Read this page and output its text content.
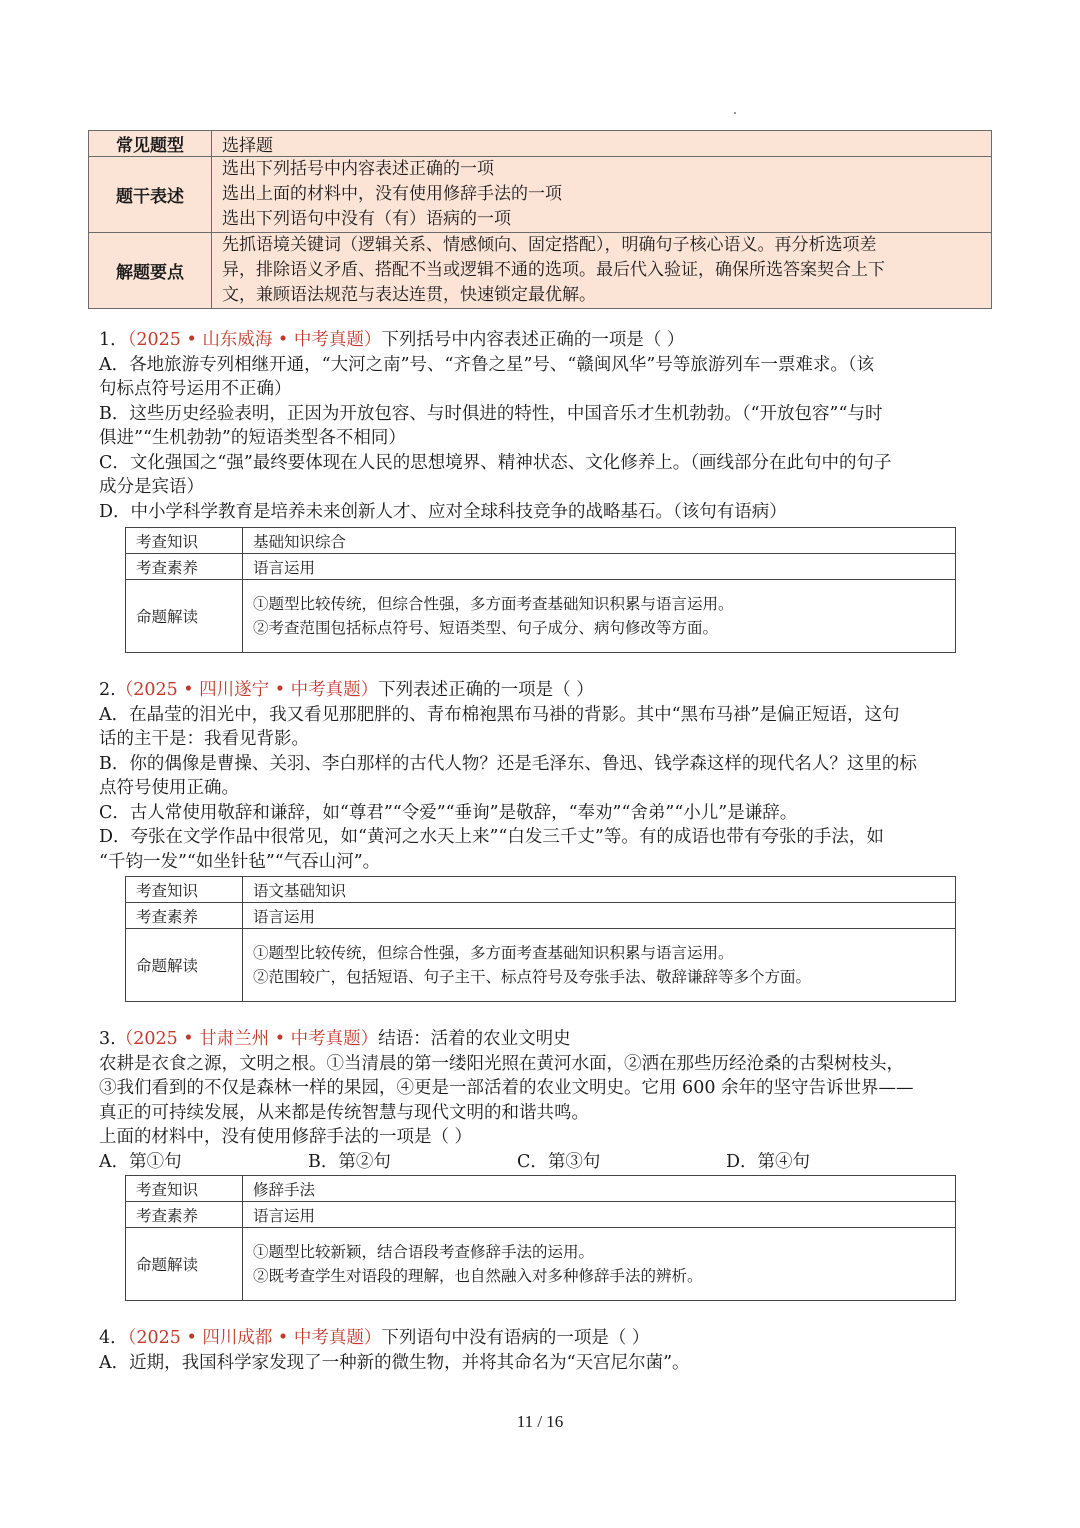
常见题型	选择题
题干表述	选出下列括号中内容表述正确的一项
选出上面的材料中，没有使用修辞手法的一项
选出下列语句中没有（有）语病的一项

解题要点	先抓语境关键词（逻辑关系、情感倾向、固定搭配），明确句子核心语义。再分析选项差
异，排除语义矛盾、搭配不当或逻辑不通的选项。最后代入验证，确保所选答案契合上下
文，兼顾语法规范与表达连贯，快速锁定最优解。
1．（2025 • 山东威海 • 中考真题）下列括号中内容表述正确的一项是（ ）
A．各地旅游专列相继开通，“大河之南”号、“齐鲁之星”号、“赣闽风华”号等旅游列车一票难求。（该
句标点符号运用不正确）
B．这些历史经验表明，正因为开放包容、与时俱进的特性，中国音乐才生机勃勃。（“开放包容”“与时
俱进”“生机勃勃”的短语类型各不相同）
C．文化强国之“强”最终要体现在人民的思想境界、精神状态、文化修养上。（画线部分在此句中的句子
成分是宾语）
D．中小学科学教育是培养未来创新人才、应对全球科技竞争的战略基石。（该句有语病）
考查知识	基础知识综合
考查素养	语言运用
命题解读	①题型比较传统，但综合性强，多方面考查基础知识积累与语言运用。
②考查范围包括标点符号、短语类型、句子成分、病句修改等方面。
2.（2025 • 四川遂宁 • 中考真题）下列表述正确的一项是（ ）
A．在晶莹的泪光中，我又看见那肥胖的、青布棉袍黑布马褂的背影。其中“黑布马褂”是偏正短语，这句
话的主干是：我看见背影。
B．你的偶像是曹操、关羽、李白那样的古代人物？还是毛泽东、鲁迅、钱学森这样的现代名人？这里的标
点符号使用正确。
C．古人常使用敬辞和谦辞，如“尊君”“令爱”“垂询”是敬辞，“奉劝”“舍弟”“小儿”是谦辞。
D．夸张在文学作品中很常见，如“黄河之水天上来”“白发三千丈”等。有的成语也带有夸张的手法，如
“千钧一发”“如坐针毡”“气吞山河”。
考查知识	语文基础知识
考查素养	语言运用
命题解读	①题型比较传统，但综合性强，多方面考查基础知识积累与语言运用。
②范围较广，包括短语、句子主干、标点符号及夸张手法、敬辞谦辞等多个方面。
3.（2025 • 甘肃兰州 • 中考真题）结语：活着的农业文明史
农耕是衣食之源，文明之根。①当清晨的第一缕阳光照在黄河水面，②洒在那些历经沧桑的古梨树枝头，
③我们看到的不仅是森林一样的果园，④更是一部活着的农业文明史。它用 600 余年的坚守告诉世界——
真正的可持续发展，从来都是传统智慧与现代文明的和谐共鸣。
上面的材料中，没有使用修辞手法的一项是（ ）
A．第①句	B．第②句	C．第③句	D．第④句
考查知识	修辞手法
考查素养	语言运用
命题解读	①题型比较新颖，结合语段考查修辞手法的运用。
②既考查学生对语段的理解，也自然融入对多种修辞手法的辨析。
4．（2025 • 四川成都 • 中考真题）下列语句中没有语病的一项是（ ）
A．近期，我国科学家发现了一种新的微生物，并将其命名为“天宫尼尔菌”。
11 / 16
